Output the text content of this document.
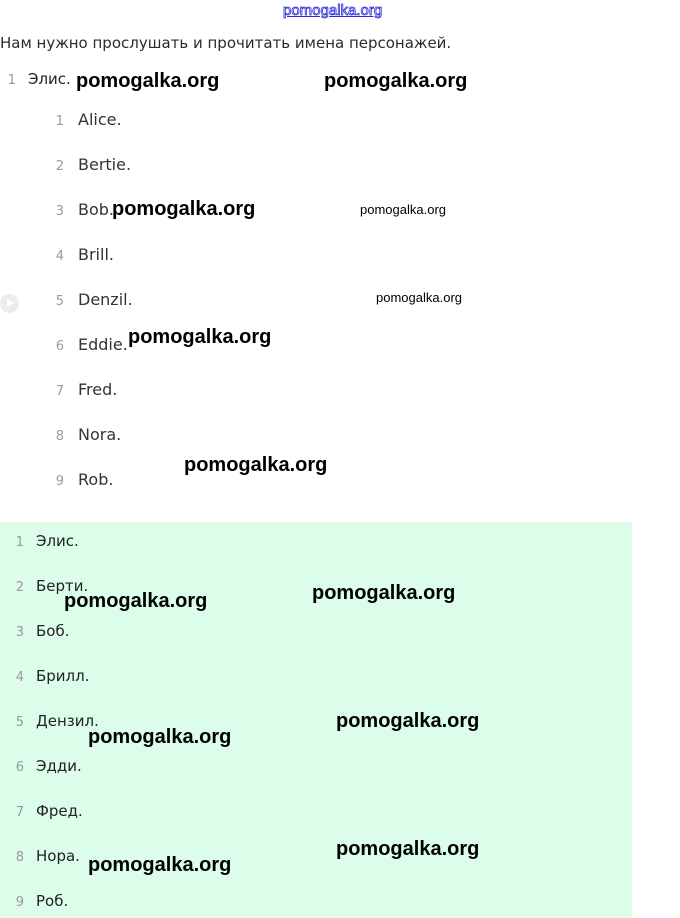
pomogalka.org
Нам нужно прослушать и прочитать имена персонажей.
1 Элис.
1 Alice.
2 Bertie.
3 Bob.
4 Brill.
5 Denzil.
6 Eddie.
7 Fred.
8 Nora.
9 Rob.
1 Элис.
2 Берти.
3 Боб.
4 Брилл.
5 Дензил.
6 Эдди.
7 Фред.
8 Нора.
9 Роб.
pomogalka.org	pomogalka.org
pomogalka.org	pomogalka.org
pomogalka.org
pomogalka.org
pomogalka.org
pomogalka.org
pomogalka.org
pomogalka.org
pomogalka.org
pomogalka.org
pomogalka.org
